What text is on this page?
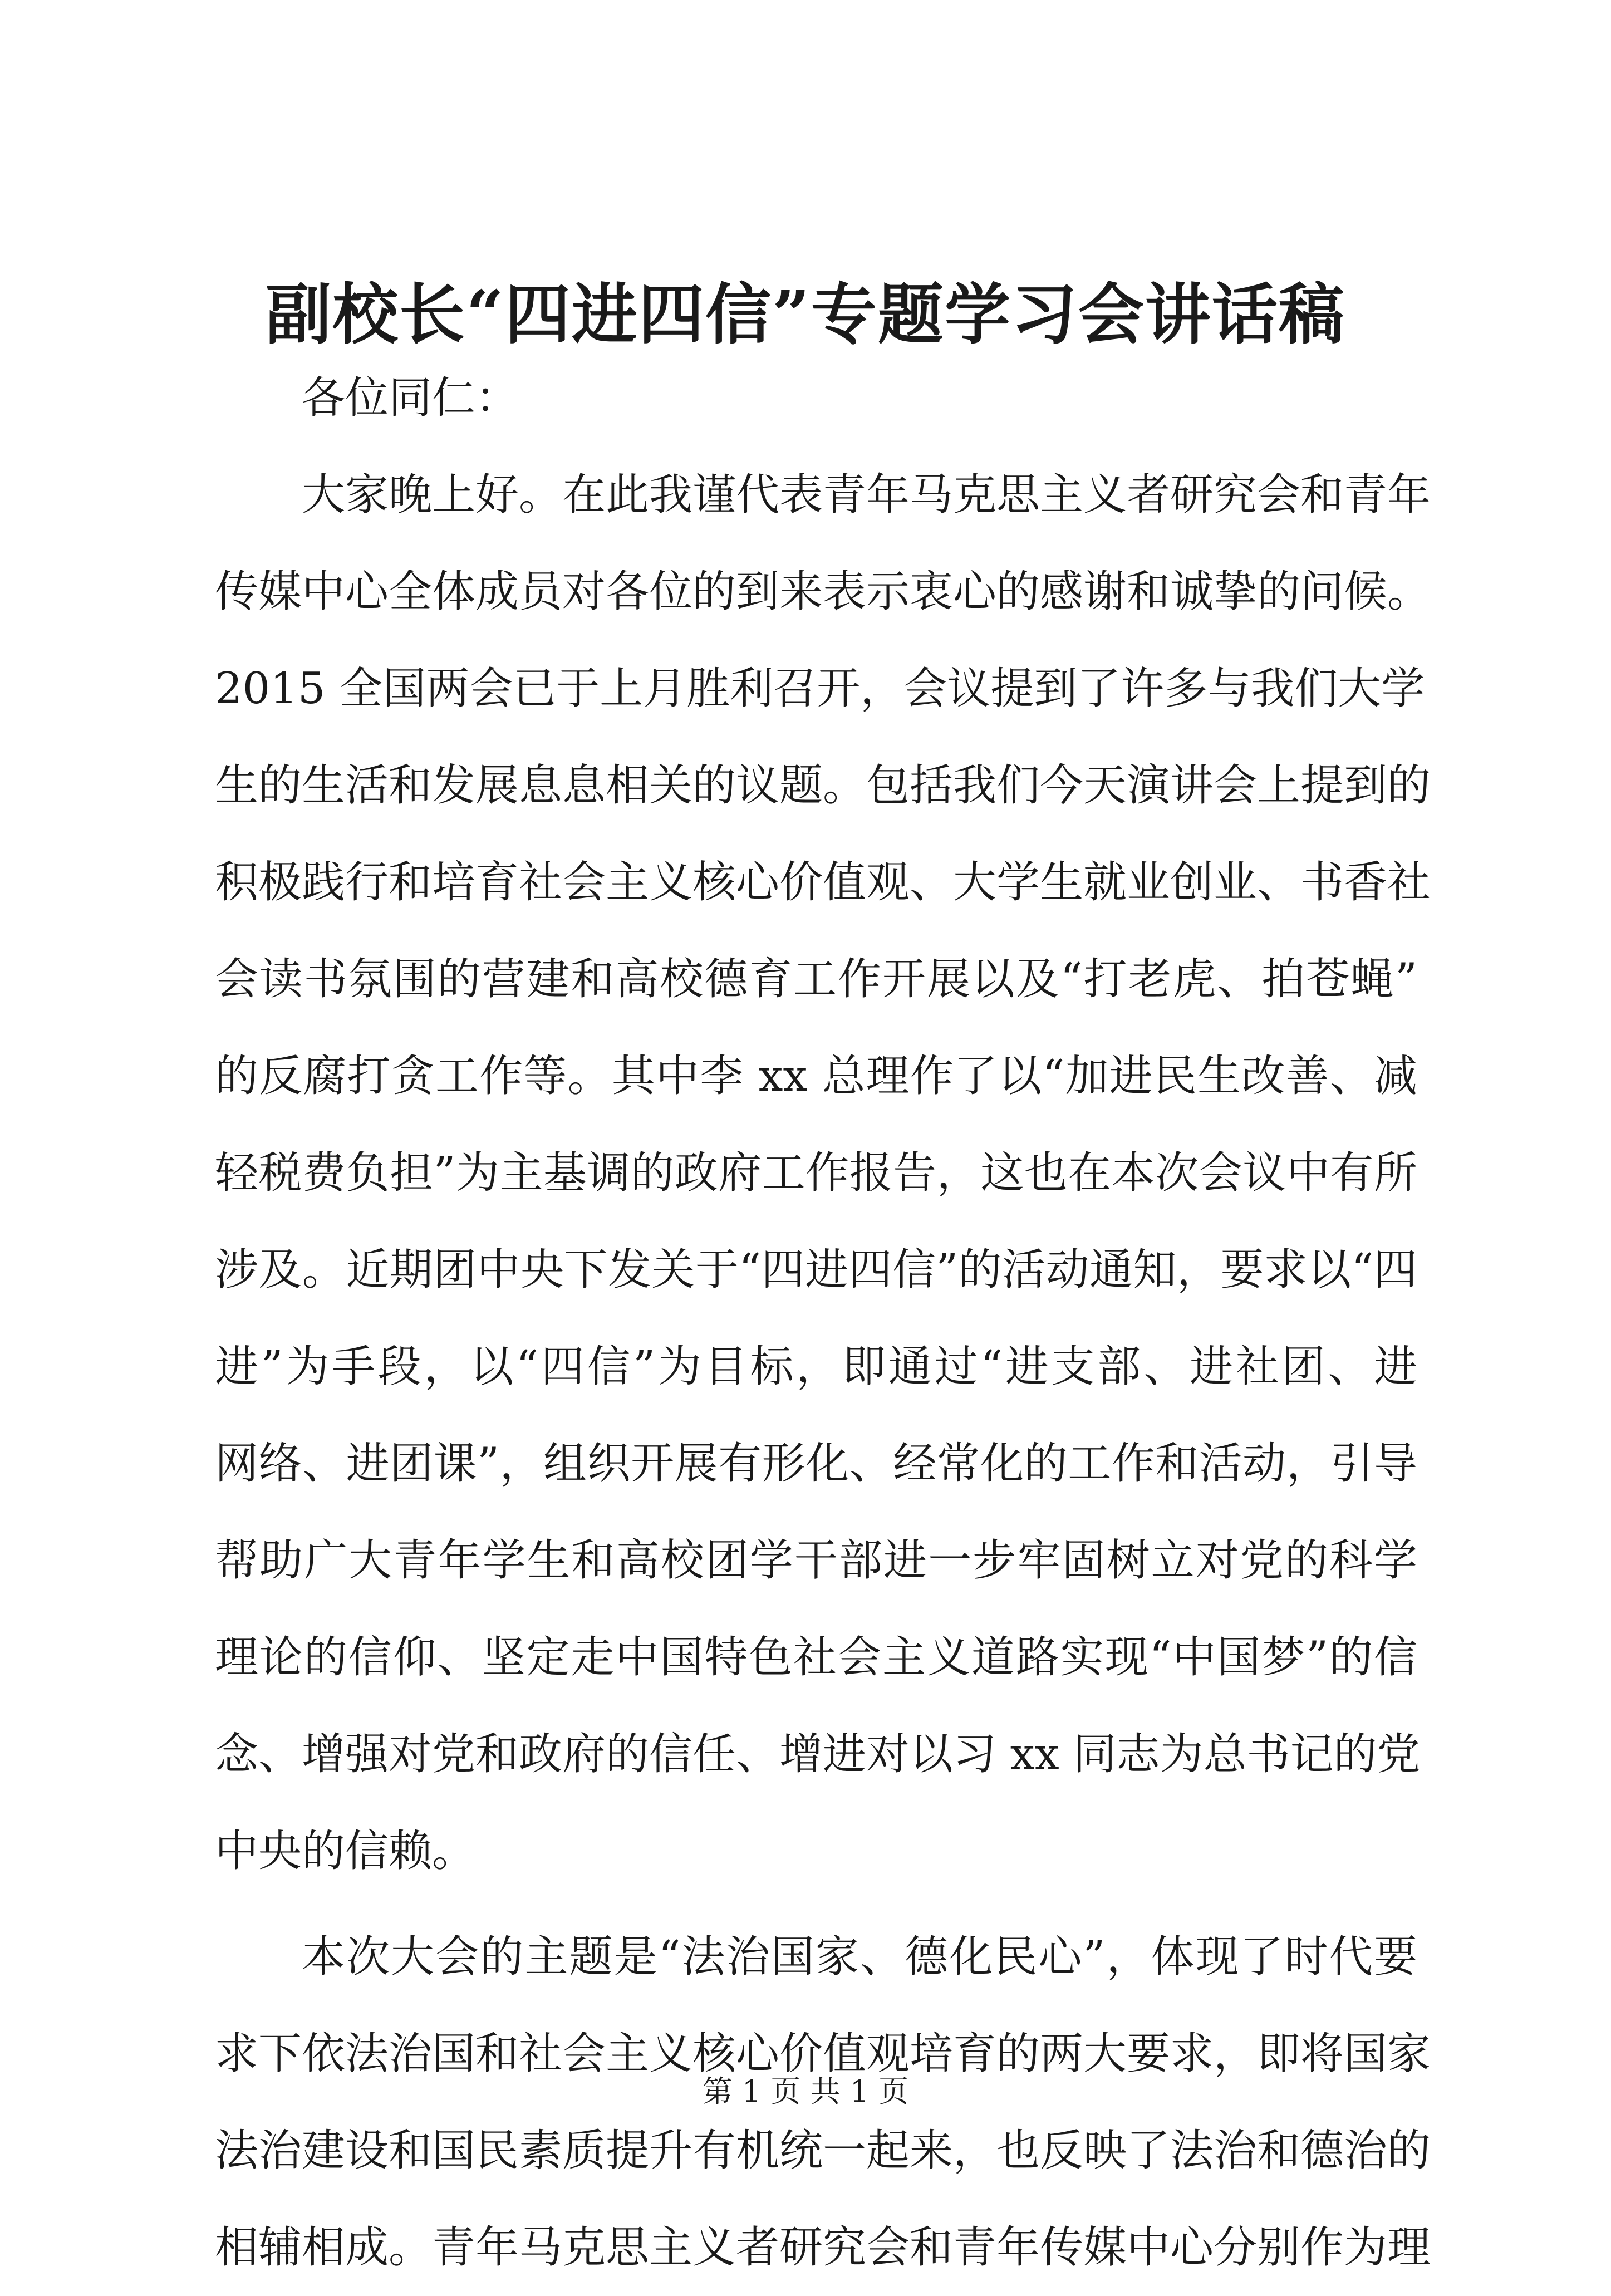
副校长“四进四信”专题学习会讲话稿
各位同仁：
大家晚上好。在此我谨代表青年马克思主义者研究会和青年
传媒中心全体成员对各位的到来表示衷心的感谢和诚挚的问候。
2015 全国两会已于上月胜利召开，会议提到了许多与我们大学
生的生活和发展息息相关的议题。包括我们今天演讲会上提到的
积极践行和培育社会主义核心价值观、大学生就业创业、书香社
会读书氛围的营建和高校德育工作开展以及“打老虎、拍苍蝇”
的反腐打贪工作等。其中李 xx 总理作了以“加进民生改善、减
轻税费负担”为主基调的政府工作报告，这也在本次会议中有所
涉及。近期团中央下发关于“四进四信”的活动通知，要求以“四
进”为手段，以“四信”为目标，即通过“进支部、进社团、进
网络、进团课”，组织开展有形化、经常化的工作和活动，引导
帮助广大青年学生和高校团学干部进一步牢固树立对党的科学
理论的信仰、坚定走中国特色社会主义道路实现“中国梦”的信
念、增强对党和政府的信任、增进对以习 xx 同志为总书记的党
中央的信赖。
本次大会的主题是“法治国家、德化民心”，体现了时代要
求下依法治国和社会主义核心价值观培育的两大要求，即将国家
法治建设和国民素质提升有机统一起来，也反映了法治和德治的
相辅相成。青年马克思主义者研究会和青年传媒中心分别作为理
第 1 页 共 1 页
